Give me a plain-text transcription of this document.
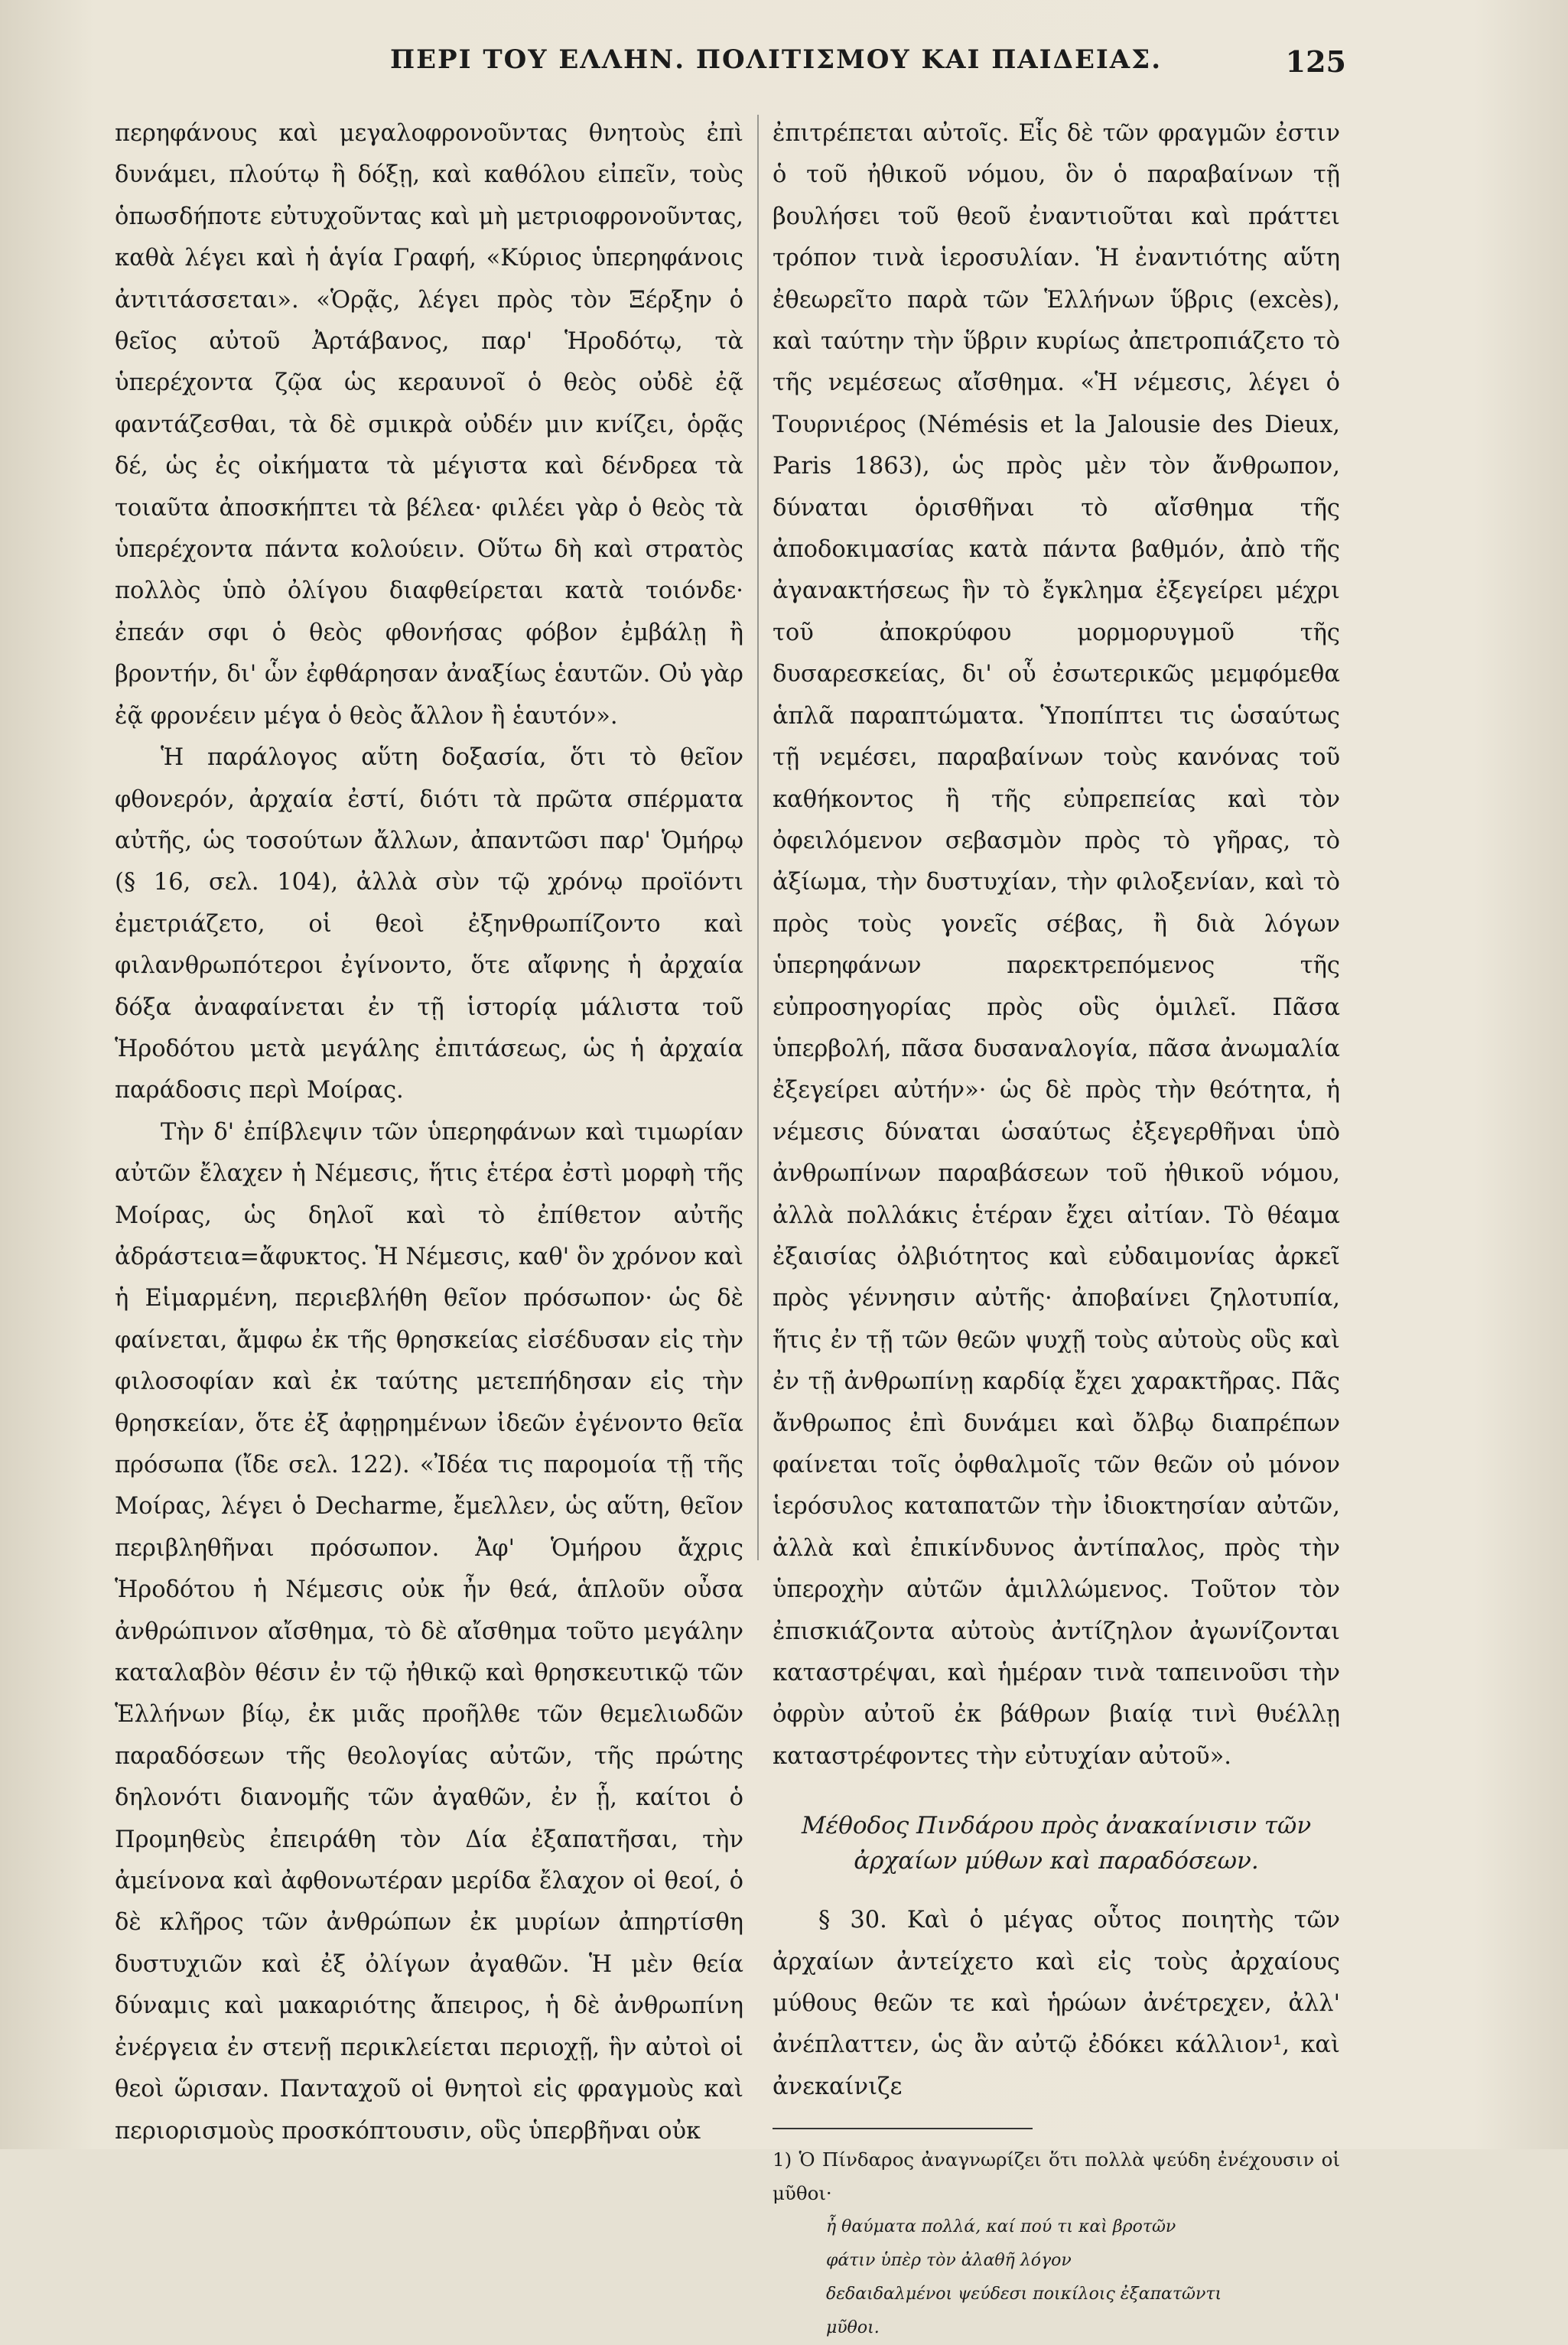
ΠΕΡΙ ΤΟΥ ΕΛΛΗΝ. ΠΟΛΙΤΙΣΜΟΥ ΚΑΙ ΠΑΙΔΕΙΑΣ.	125

περηφάνους καὶ μεγαλοφρονοῦντας θνητοὺς ἐπὶ δυνάμει, πλούτῳ ἢ δόξῃ, καὶ καθόλου εἰπεῖν, τοὺς ὁπωσδήποτε εὐτυχοῦντας καὶ μὴ μετριοφρονοῦντας, καθὰ λέγει καὶ ἡ ἁγία Γραφή, «Κύριος ὑπερηφάνοις ἀντιτάσσεται». «Ὁρᾷς, λέγει πρὸς τὸν Ξέρξην ὁ θεῖος αὐτοῦ Ἀρτάβανος, παρ' Ἡροδότῳ, τὰ ὑπερέχοντα ζῷα ὡς κεραυνοῖ ὁ θεὸς οὐδὲ ἐᾷ φαντάζεσθαι, τὰ δὲ σμικρὰ οὐδέν μιν κνίζει, ὁρᾷς δέ, ὡς ἐς οἰκήματα τὰ μέγιστα καὶ δένδρεα τὰ τοιαῦτα ἀποσκήπτει τὰ βέλεα· φιλέει γὰρ ὁ θεὸς τὰ ὑπερέχοντα πάντα κολούειν. Οὕτω δὴ καὶ στρατὸς πολλὸς ὑπὸ ὀλίγου διαφθείρεται κατὰ τοιόνδε· ἐπεάν σφι ὁ θεὸς φθονήσας φόβον ἐμβάλῃ ἢ βροντήν, δι' ὧν ἐφθάρησαν ἀναξίως ἑαυτῶν. Οὐ γὰρ ἐᾷ φρονέειν μέγα ὁ θεὸς ἄλλον ἢ ἑαυτόν».

Ἡ παράλογος αὕτη δοξασία, ὅτι τὸ θεῖον φθονερόν, ἀρχαία ἐστί, διότι τὰ πρῶτα σπέρματα αὐτῆς, ὡς τοσούτων ἄλλων, ἀπαντῶσι παρ' Ὁμήρῳ (§ 16, σελ. 104), ἀλλὰ σὺν τῷ χρόνῳ προϊόντι ἐμετριάζετο, οἱ θεοὶ ἐξηνθρωπίζοντο καὶ φιλανθρωπότεροι ἐγίνοντο, ὅτε αἴφνης ἡ ἀρχαία δόξα ἀναφαίνεται ἐν τῇ ἱστορίᾳ μάλιστα τοῦ Ἡροδότου μετὰ μεγάλης ἐπιτάσεως, ὡς ἡ ἀρχαία παράδοσις περὶ Μοίρας.

Τὴν δ' ἐπίβλεψιν τῶν ὑπερηφάνων καὶ τιμωρίαν αὐτῶν ἔλαχεν ἡ Νέμεσις, ἥτις ἑτέρα ἐστὶ μορφὴ τῆς Μοίρας, ὡς δηλοῖ καὶ τὸ ἐπίθετον αὐτῆς ἀδράστεια=ἄφυκτος. Ἡ Νέμεσις, καθ' ὃν χρόνον καὶ ἡ Εἱμαρμένη, περιεβλήθη θεῖον πρόσωπον· ὡς δὲ φαίνεται, ἄμφω ἐκ τῆς θρησκείας εἰσέδυσαν εἰς τὴν φιλοσοφίαν καὶ ἐκ ταύτης μετεπήδησαν εἰς τὴν θρησκείαν, ὅτε ἐξ ἀφῃρημένων ἰδεῶν ἐγένοντο θεῖα πρόσωπα (ἴδε σελ. 122). «Ἰδέα τις παρομοία τῇ τῆς Μοίρας, λέγει ὁ Decharme, ἔμελλεν, ὡς αὕτη, θεῖον περιβληθῆναι πρόσωπον. Ἀφ' Ὁμήρου ἄχρις Ἡροδότου ἡ Νέμεσις οὐκ ἦν θεά, ἁπλοῦν οὖσα ἀνθρώπινον αἴσθημα, τὸ δὲ αἴσθημα τοῦτο μεγάλην καταλαβὸν θέσιν ἐν τῷ ἠθικῷ καὶ θρησκευτικῷ τῶν Ἑλλήνων βίῳ, ἐκ μιᾶς προῆλθε τῶν θεμελιωδῶν παραδόσεων τῆς θεολογίας αὐτῶν, τῆς πρώτης δηλονότι διανομῆς τῶν ἀγαθῶν, ἐν ᾗ, καίτοι ὁ Προμηθεὺς ἐπειράθη τὸν Δία ἐξαπατῆσαι, τὴν ἀμείνονα καὶ ἀφθονωτέραν μερίδα ἔλαχον οἱ θεοί, ὁ δὲ κλῆρος τῶν ἀνθρώπων ἐκ μυρίων ἀπηρτίσθη δυστυχιῶν καὶ ἐξ ὀλίγων ἀγαθῶν. Ἡ μὲν θεία δύναμις καὶ μακαριότης ἄπειρος, ἡ δὲ ἀνθρωπίνη ἐνέργεια ἐν στενῇ περικλείεται περιοχῇ, ἣν αὐτοὶ οἱ θεοὶ ὥρισαν. Πανταχοῦ οἱ θνητοὶ εἰς φραγμοὺς καὶ περιορισμοὺς προσκόπτουσιν, οὓς ὑπερβῆναι οὐκ

ἐπιτρέπεται αὐτοῖς. Εἷς δὲ τῶν φραγμῶν ἐστιν ὁ τοῦ ἠθικοῦ νόμου, ὃν ὁ παραβαίνων τῇ βουλήσει τοῦ θεοῦ ἐναντιοῦται καὶ πράττει τρόπον τινὰ ἱεροσυλίαν. Ἡ ἐναντιότης αὕτη ἐθεωρεῖτο παρὰ τῶν Ἑλλήνων ὕβρις (excès), καὶ ταύτην τὴν ὕβριν κυρίως ἀπετροπιάζετο τὸ τῆς νεμέσεως αἴσθημα. «Ἡ νέμεσις, λέγει ὁ Τουρνιέρος (Némésis et la Jalousie des Dieux, Paris 1863), ὡς πρὸς μὲν τὸν ἄνθρωπον, δύναται ὁρισθῆναι τὸ αἴσθημα τῆς ἀποδοκιμασίας κατὰ πάντα βαθμόν, ἀπὸ τῆς ἀγανακτήσεως ἣν τὸ ἔγκλημα ἐξεγείρει μέχρι τοῦ ἀποκρύφου μορμορυγμοῦ τῆς δυσαρεσκείας, δι' οὗ ἐσωτερικῶς μεμφόμεθα ἁπλᾶ παραπτώματα. Ὑποπίπτει τις ὡσαύτως τῇ νεμέσει, παραβαίνων τοὺς κανόνας τοῦ καθήκοντος ἢ τῆς εὐπρεπείας καὶ τὸν ὀφειλόμενον σεβασμὸν πρὸς τὸ γῆρας, τὸ ἀξίωμα, τὴν δυστυχίαν, τὴν φιλοξενίαν, καὶ τὸ πρὸς τοὺς γονεῖς σέβας, ἢ διὰ λόγων ὑπερηφάνων παρεκτρεπόμενος τῆς εὐπροσηγορίας πρὸς οὓς ὁμιλεῖ. Πᾶσα ὑπερβολή, πᾶσα δυσαναλογία, πᾶσα ἀνωμαλία ἐξεγείρει αὐτήν»· ὡς δὲ πρὸς τὴν θεότητα, ἡ νέμεσις δύναται ὡσαύτως ἐξεγερθῆναι ὑπὸ ἀνθρωπίνων παραβάσεων τοῦ ἠθικοῦ νόμου, ἀλλὰ πολλάκις ἑτέραν ἔχει αἰτίαν. Τὸ θέαμα ἐξαισίας ὀλβιότητος καὶ εὐδαιμονίας ἀρκεῖ πρὸς γέννησιν αὐτῆς· ἀποβαίνει ζηλοτυπία, ἥτις ἐν τῇ τῶν θεῶν ψυχῇ τοὺς αὐτοὺς οὓς καὶ ἐν τῇ ἀνθρωπίνῃ καρδίᾳ ἔχει χαρακτῆρας. Πᾶς ἄνθρωπος ἐπὶ δυνάμει καὶ ὄλβῳ διαπρέπων φαίνεται τοῖς ὀφθαλμοῖς τῶν θεῶν οὐ μόνον ἱερόσυλος καταπατῶν τὴν ἰδιοκτησίαν αὐτῶν, ἀλλὰ καὶ ἐπικίνδυνος ἀντίπαλος, πρὸς τὴν ὑπεροχὴν αὐτῶν ἁμιλλώμενος. Τοῦτον τὸν ἐπισκιάζοντα αὐτοὺς ἀντίζηλον ἀγωνίζονται καταστρέψαι, καὶ ἡμέραν τινὰ ταπεινοῦσι τὴν ὀφρὺν αὐτοῦ ἐκ βάθρων βιαίᾳ τινὶ θυέλλῃ καταστρέφοντες τὴν εὐτυχίαν αὐτοῦ».

Μέθοδος Πινδάρου πρὸς ἀνακαίνισιν τῶν ἀρχαίων μύθων καὶ παραδόσεων.

§ 30. Καὶ ὁ μέγας οὗτος ποιητὴς τῶν ἀρχαίων ἀντείχετο καὶ εἰς τοὺς ἀρχαίους μύθους θεῶν τε καὶ ἡρώων ἀνέτρεχεν, ἀλλ' ἀνέπλαττεν, ὡς ἂν αὐτῷ ἐδόκει κάλλιον¹, καὶ ἀνεκαίνιζε

1) Ὁ Πίνδαρος ἀναγνωρίζει ὅτι πολλὰ ψεύδη ἐνέχουσιν οἱ μῦθοι·
ἦ θαύματα πολλά, καί πού τι καὶ βροτῶν
φάτιν ὑπὲρ τὸν ἀλαθῆ λόγον
δεδαιδαλμένοι ψεύδεσι ποικίλοις ἐξαπατῶντι
μῦθοι.
